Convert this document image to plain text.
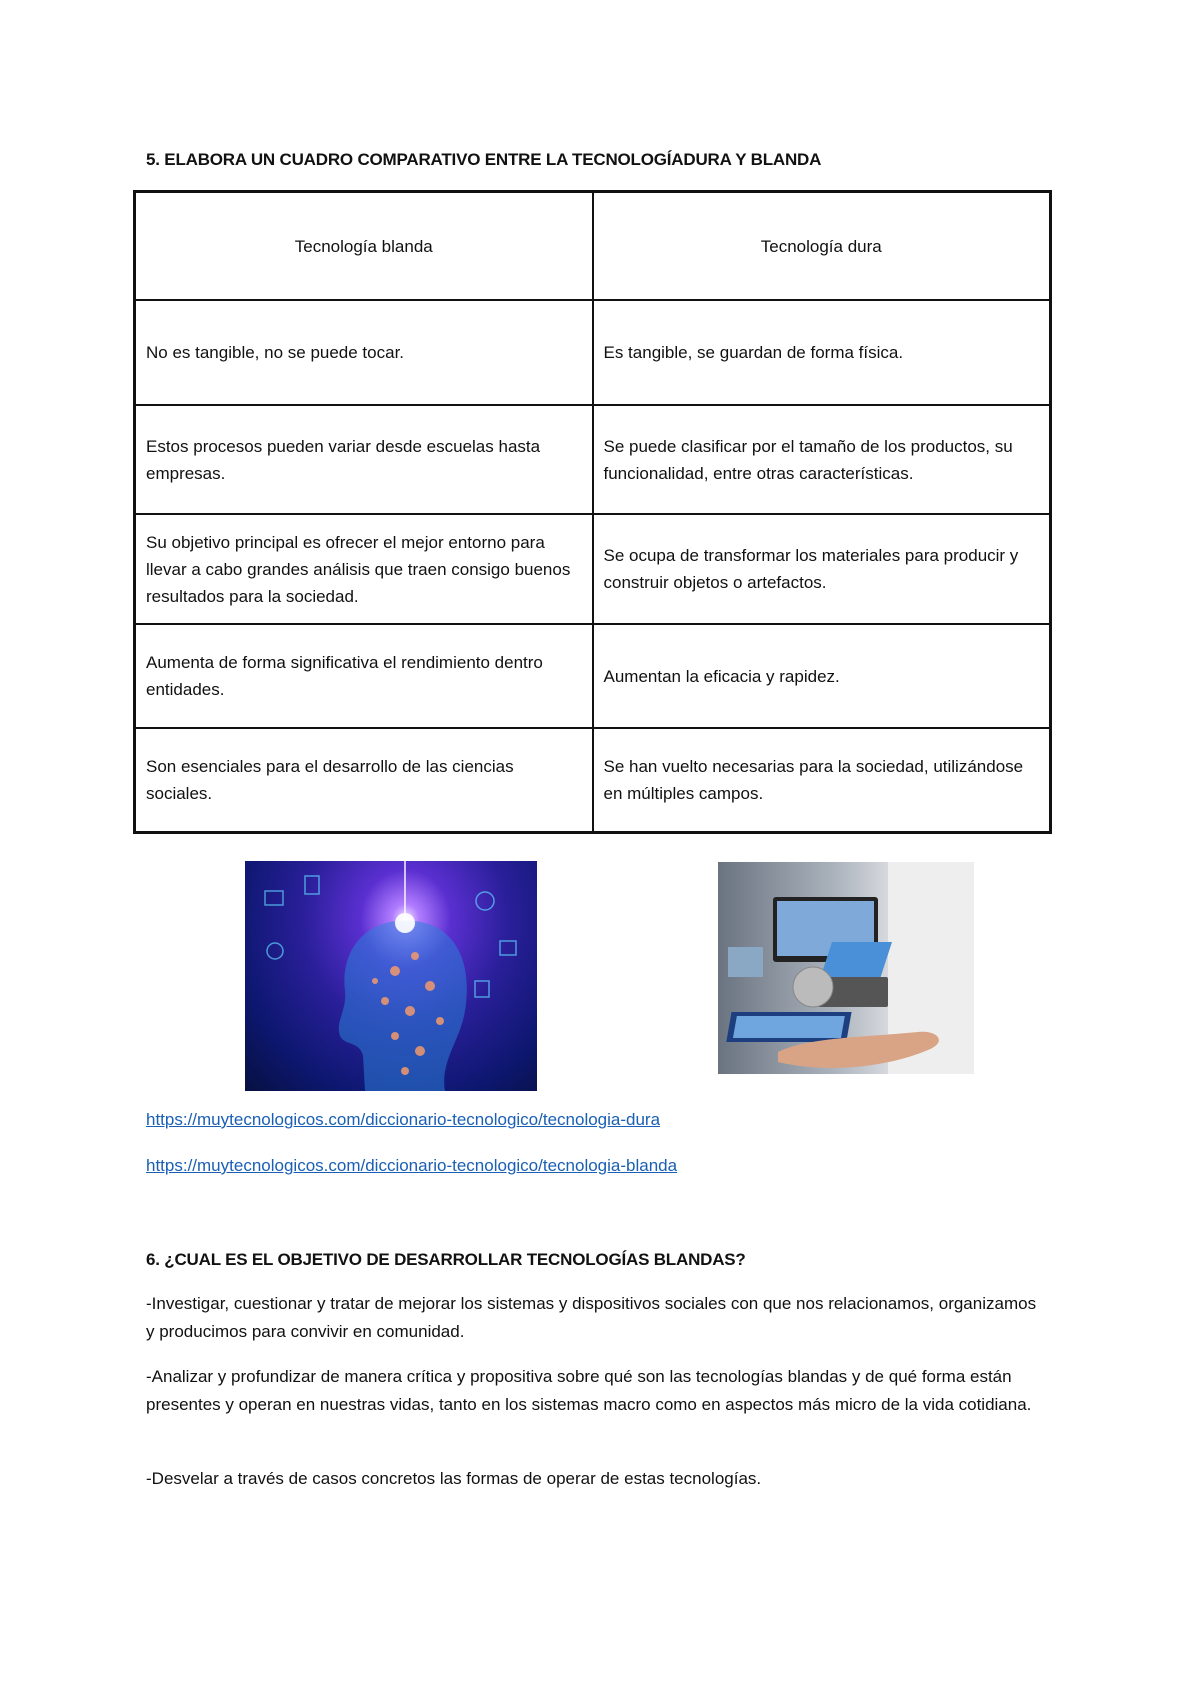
5. ELABORA UN CUADRO COMPARATIVO ENTRE LA TECNOLOGÍADURA Y BLANDA
Tecnología blanda	Tecnología dura
No es tangible, no se puede tocar.	Es tangible, se guardan de forma física.
Estos procesos pueden variar desde escuelas hasta empresas.	Se puede clasificar por el tamaño de los productos, su funcionalidad, entre otras características.
Su objetivo principal es ofrecer el mejor entorno para llevar a cabo grandes análisis que traen consigo buenos resultados para la sociedad.	Se ocupa de transformar los materiales para producir y construir objetos o artefactos.
Aumenta de forma significativa el rendimiento dentro entidades.	Aumentan la eficacia y rapidez.
Son esenciales para el desarrollo de las ciencias sociales.	Se han vuelto necesarias para la sociedad, utilizándose en múltiples campos.
https://muytecnologicos.com/diccionario-tecnologico/tecnologia-dura
https://muytecnologicos.com/diccionario-tecnologico/tecnologia-blanda
6. ¿CUAL ES EL OBJETIVO DE DESARROLLAR TECNOLOGÍAS BLANDAS?
-Investigar, cuestionar y tratar de mejorar los sistemas y dispositivos sociales con que nos relacionamos, organizamos y producimos para convivir en comunidad.
-Analizar y profundizar de manera crítica y propositiva sobre qué son las tecnologías blandas y de qué forma están presentes y operan en nuestras vidas, tanto en los sistemas macro como en aspectos más micro de la vida cotidiana.
-Desvelar a través de casos concretos las formas de operar de estas tecnologías.
